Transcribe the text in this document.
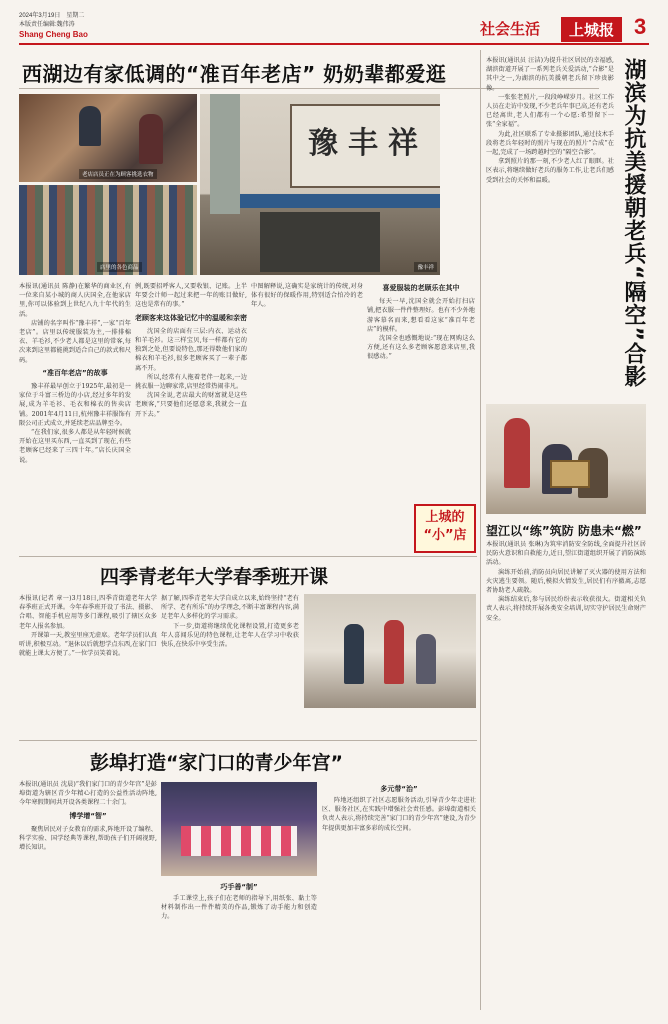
2024年3月19日　星期二
本版责任编辑:魏伟涛
Shang Cheng Bao	社会生活	上城报 3
西湖边有家低调的“准百年老店” 奶奶辈都爱逛
老店店员正在为顾客挑选衣物
店里的各色商品
豫丰祥
豫丰祥
本报讯(通讯员 陈静)在繁华的商业区,有一位来自某小城的商人庆国全,在他家店里,你可以体验到上世纪八九十年代的生活。
店铺的名字叫作“豫丰祥”,一家“百年老店”。店里以传统服装为主,一排排棉衣、羊毛衫,不少老人都是这里的常客,每次来到这里都能挑到适合自己的款式和尺码。
“准百年老店”的故事
豫丰祥最早创立于1925年,最初是一家位于斗富三桥边的小店,经过多年的发展,成为羊毛衫、毛衣和棉衣的售卖店铺。2001年4月11日,杭州豫丰祥服饰有限公司正式成立,并延续老店品牌至今。
“在我们家,很多人都是从年轻时候就开始在这里买东西,一直买到了现在,有些老顾客已经来了三四十年。”店长庆国全说。
例,既要招呼客人,又要收银、记账。上半年要会计师一起过来把一年的账目做好,这也是常有的事。”
老顾客来这体验记忆中的温暖和亲密
沈国全的店面有三层:内衣、运动衣和羊毛衫。这三样宝贝,每一样都有它的独到之处,但要说特色,那还得数他们家的棉衣和羊毛衫,很多老顾客买了一辈子都离不开。
所以,经常有人拖着老伴一起来,一边挑衣服一边聊家常,店里经常热闹非凡。
沈国全说,老店最大的财富就是这些老顾客,“只要他们还愿意来,我就会一直开下去。”
中图解释说,这确实是家统计的传统,对身体有很好的保暖作用,特别适合怕冷的老年人。
喜爱服装的老顾乐在其中
每天一早,沈国全就会开始打扫店铺,把衣服一件件整理好。也有不少外地游客慕名而来,想看看这家“准百年老店”的模样。
沈国全也感慨地说:“现在网购这么方便,还有这么多老顾客愿意来店里,我很感动。”
上城的
“小”店
本报讯(通讯员 汪洁)为提升社区居民的幸福感,湖滨街道开展了一系列老兵关爱活动,“合影”是其中之一,为湖滨的抗美援朝老兵留下珍贵影像。
一张张老照片,一段段峥嵘岁月。社区工作人员在走访中发现,不少老兵年事已高,还有老兵已经离世,老人们都有一个心愿:希望留下一张“全家福”。
为此,社区联系了专业摄影团队,通过技术手段将老兵年轻时的照片与现在的照片“合成”在一起,完成了一场跨越时空的“隔空合影”。
拿到照片的那一刻,不少老人红了眼眶。社区表示,将继续做好老兵的服务工作,让老兵们感受到社会的关怀和温暖。	湖滨为抗美援朝老兵“隔空”合影
望江以“练”筑防 防患未“燃”
本报讯(通讯员 张琳)为筑牢消防安全防线,全面提升社区居民防火意识和自救能力,近日,望江街道组织开展了消防演练活动。
演练开始前,消防员向居民讲解了灭火器的使用方法和火灾逃生要领。随后,模拟火情发生,居民们有序撤离,志愿者协助老人疏散。
演练结束后,参与居民纷纷表示收获很大。街道相关负责人表示,将持续开展各类安全培训,切实守护居民生命财产安全。
四季青老年大学春季班开课
本报讯(记者 章一)3月18日,四季青街道老年大学春季班正式开课。今年春季班开设了书法、摄影、合唱、智能手机应用等多门课程,吸引了辖区众多老年人报名参加。
开课第一天,教室里座无虚席。老年学员们认真听讲,积极互动。“退休以后就想学点东西,在家门口就能上课太方便了。”一位学员笑着说。
据了解,四季青老年大学自成立以来,始终坚持“老有所学、老有所乐”的办学理念,不断丰富课程内容,满足老年人多样化的学习需求。
下一步,街道将继续优化课程设置,打造更多老年人喜闻乐见的特色课程,让老年人在学习中收获快乐,在快乐中享受生活。
彭埠打造“家门口的青少年宫”
本报讯(通讯员 沈晨)“我们家门口的青少年宫”是彭埠街道为辖区青少年精心打造的公益性活动阵地,今年寒假期间共开设各类课程二十余门。
博学增“智”
聚焦居民对子女教育的需求,阵地开设了编程、科学实验、国学经典等课程,帮助孩子们开阔视野,增长知识。
巧手善“制”
手工课堂上,孩子们在老师的指导下,用纸张、黏土等材料制作出一件件精美的作品,锻炼了动手能力和创造力。
多元带“治”
阵地还组织了社区志愿服务活动,引导青少年走进社区、服务社区,在实践中增强社会责任感。彭埠街道相关负责人表示,将持续完善“家门口的青少年宫”建设,为青少年提供更加丰富多彩的成长空间。
